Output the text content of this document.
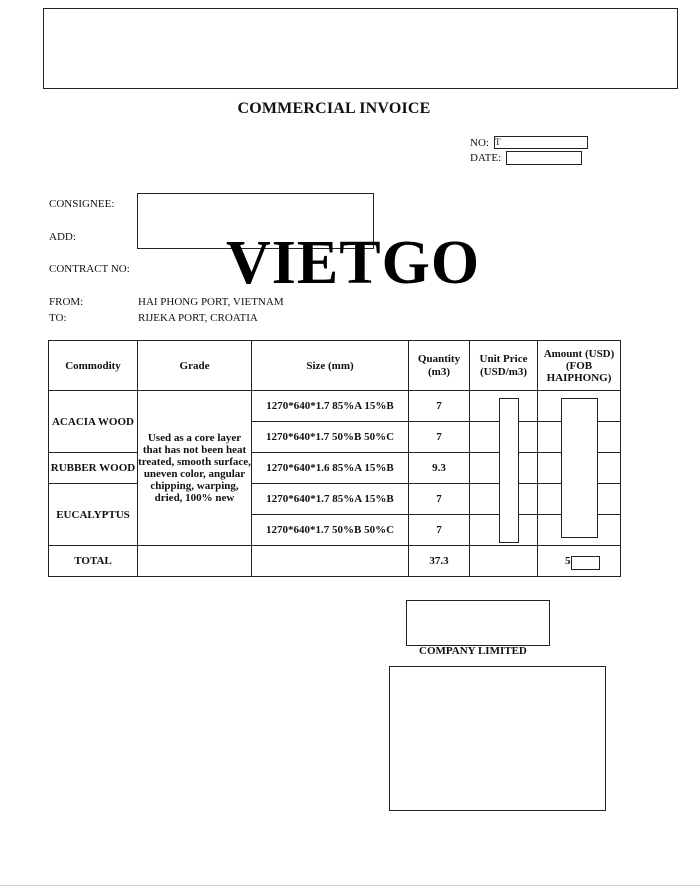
COMMERCIAL INVOICE
NO: T
DATE:
CONSIGNEE:
ADD:
CONTRACT NO: VIETGO
FROM:	HAI PHONG PORT, VIETNAM
TO:	RIJEKA PORT, CROATIA
Commodity	Grade	Size (mm)	Quantity (m3)	Unit Price (USD/m3)	Amount (USD) (FOB HAIPHONG)
ACACIA WOOD	Used as a core layer that has not been heat treated, smooth surface, uneven color, angular chipping, warping, dried, 100% new	1270*640*1.7 85%A 15%B	7		
		1270*640*1.7 50%B 50%C	7		
RUBBER WOOD		1270*640*1.6 85%A 15%B	9.3		
EUCALYPTUS		1270*640*1.7 85%A 15%B	7		
		1270*640*1.7 50%B 50%C	7		
TOTAL			37.3		5
COMPANY LIMITED
